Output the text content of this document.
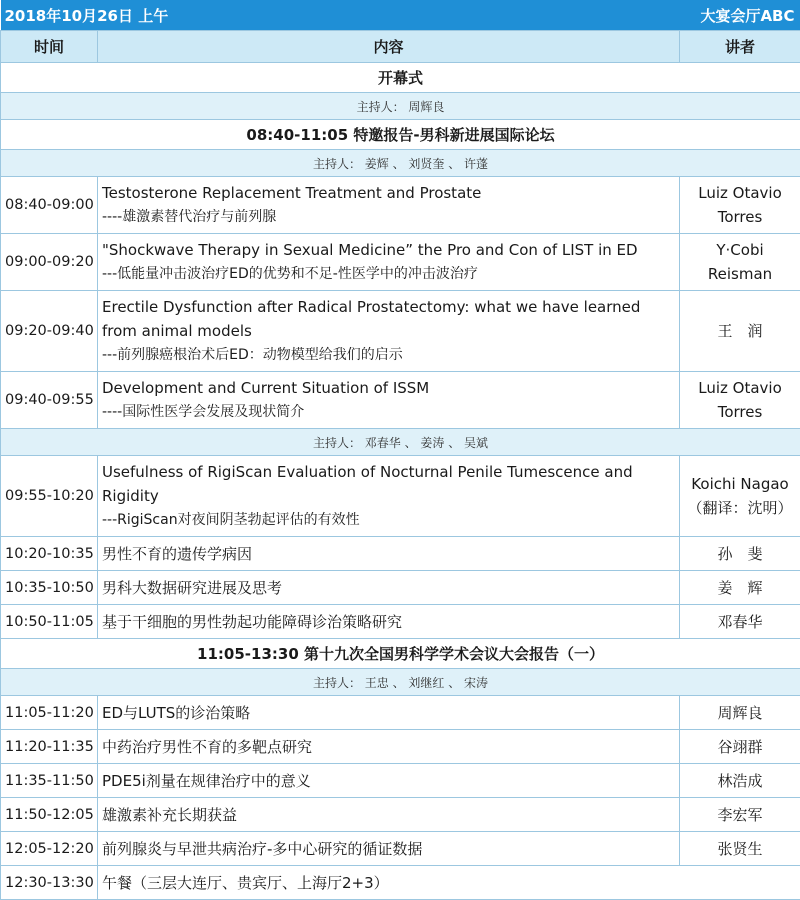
2018年10月26日 上午		大宴会厅ABC
时间	内容	讲者
开幕式		
主持人： 周辉良		
08:40-11:05 特邀报告-男科新进展国际论坛		
主持人： 姜辉 、 刘贤奎 、 许蓬		
08:40-09:00	Testosterone Replacement Treatment and Prostate
----雄激素替代治疗与前列腺	Luiz Otavio
Torres

09:00-09:20	"Shockwave Therapy in Sexual Medicine” the Pro and Con of LIST in ED
---低能量冲击波治疗ED的优势和不足-性医学中的冲击波治疗	Y·Cobi
Reisman

09:20-09:40	Erectile Dysfunction after Radical Prostatectomy: what we have learned from animal models
---前列腺癌根治术后ED：动物模型给我们的启示	王　润

09:40-09:55	Development and Current Situation of ISSM
----国际性医学会发展及现状简介	Luiz Otavio
Torres

主持人： 邓春华 、 姜涛 、 吴斌		
09:55-10:20	Usefulness of RigiScan Evaluation of Nocturnal Penile Tumescence and Rigidity
---RigiScan对夜间阴茎勃起评估的有效性	Koichi Nagao
（翻译：沈明）

10:20-10:35	男性不育的遗传学病因	孙　斐
10:35-10:50	男科大数据研究进展及思考	姜　辉
10:50-11:05	基于干细胞的男性勃起功能障碍诊治策略研究	邓春华
11:05-13:30 第十九次全国男科学学术会议大会报告（一）		
主持人： 王忠 、 刘继红 、 宋涛		
11:05-11:20	ED与LUTS的诊治策略	周辉良
11:20-11:35	中药治疗男性不育的多靶点研究	谷翊群
11:35-11:50	PDE5i剂量在规律治疗中的意义	林浩成
11:50-12:05	雄激素补充长期获益	李宏军
12:05-12:20	前列腺炎与早泄共病治疗-多中心研究的循证数据	张贤生
12:30-13:30	午餐（三层大连厅、贵宾厅、上海厅2+3）	
